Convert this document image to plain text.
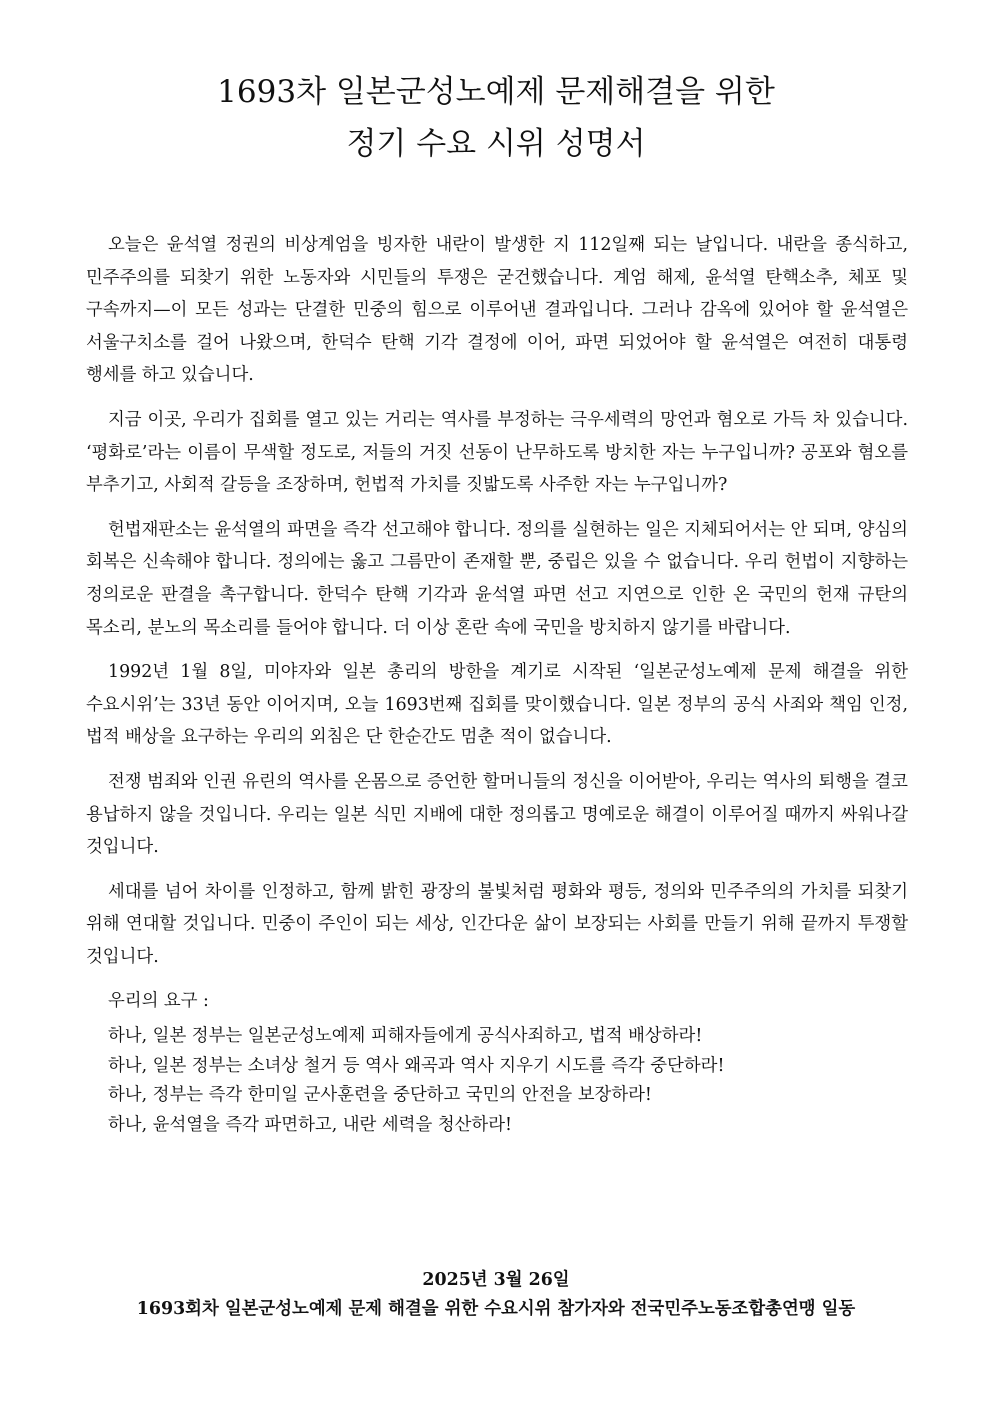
1693차 일본군성노예제 문제해결을 위한
정기 수요 시위 성명서

오늘은 윤석열 정권의 비상계엄을 빙자한 내란이 발생한 지 112일째 되는 날입니다. 내란을 종식하고, 민주주의를 되찾기 위한 노동자와 시민들의 투쟁은 굳건했습니다. 계엄 해제, 윤석열 탄핵소추, 체포 및 구속까지—이 모든 성과는 단결한 민중의 힘으로 이루어낸 결과입니다. 그러나 감옥에 있어야 할 윤석열은 서울구치소를 걸어 나왔으며, 한덕수 탄핵 기각 결정에 이어, 파면 되었어야 할 윤석열은 여전히 대통령 행세를 하고 있습니다.

지금 이곳, 우리가 집회를 열고 있는 거리는 역사를 부정하는 극우세력의 망언과 혐오로 가득 차 있습니다. ‘평화로’라는 이름이 무색할 정도로, 저들의 거짓 선동이 난무하도록 방치한 자는 누구입니까? 공포와 혐오를 부추기고, 사회적 갈등을 조장하며, 헌법적 가치를 짓밟도록 사주한 자는 누구입니까?

헌법재판소는 윤석열의 파면을 즉각 선고해야 합니다. 정의를 실현하는 일은 지체되어서는 안 되며, 양심의 회복은 신속해야 합니다. 정의에는 옳고 그름만이 존재할 뿐, 중립은 있을 수 없습니다. 우리 헌법이 지향하는 정의로운 판결을 촉구합니다. 한덕수 탄핵 기각과 윤석열 파면 선고 지연으로 인한 온 국민의 헌재 규탄의 목소리, 분노의 목소리를 들어야 합니다. 더 이상 혼란 속에 국민을 방치하지 않기를 바랍니다.

1992년 1월 8일, 미야자와 일본 총리의 방한을 계기로 시작된 ‘일본군성노예제 문제 해결을 위한 수요시위’는 33년 동안 이어지며, 오늘 1693번째 집회를 맞이했습니다. 일본 정부의 공식 사죄와 책임 인정, 법적 배상을 요구하는 우리의 외침은 단 한순간도 멈춘 적이 없습니다.

전쟁 범죄와 인권 유린의 역사를 온몸으로 증언한 할머니들의 정신을 이어받아, 우리는 역사의 퇴행을 결코 용납하지 않을 것입니다. 우리는 일본 식민 지배에 대한 정의롭고 명예로운 해결이 이루어질 때까지 싸워나갈 것입니다.

세대를 넘어 차이를 인정하고, 함께 밝힌 광장의 불빛처럼 평화와 평등, 정의와 민주주의의 가치를 되찾기 위해 연대할 것입니다. 민중이 주인이 되는 세상, 인간다운 삶이 보장되는 사회를 만들기 위해 끝까지 투쟁할 것입니다.

우리의 요구 :

하나, 일본 정부는 일본군성노예제 피해자들에게 공식사죄하고, 법적 배상하라!
하나, 일본 정부는 소녀상 철거 등 역사 왜곡과 역사 지우기 시도를 즉각 중단하라!
하나, 정부는 즉각 한미일 군사훈련을 중단하고 국민의 안전을 보장하라!
하나, 윤석열을 즉각 파면하고, 내란 세력을 청산하라!
2025년 3월 26일
1693회차 일본군성노예제 문제 해결을 위한 수요시위 참가자와 전국민주노동조합총연맹 일동
